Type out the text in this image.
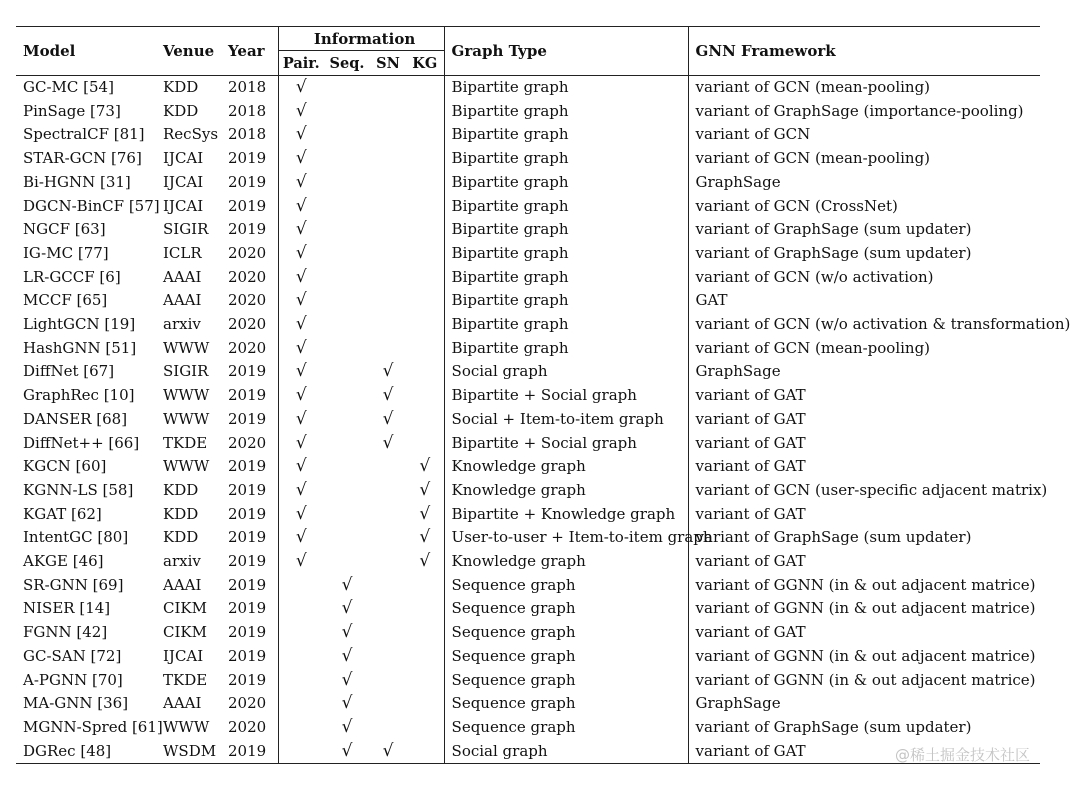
Model	Venue	Year	Information				Graph Type	GNN Framework
			Pair.	Seq.	SN	KG		
GC-MC [54]	KDD	2018	√				Bipartite graph	variant of GCN (mean-pooling)
PinSage [73]	KDD	2018	√				Bipartite graph	variant of GraphSage (importance-pooling)
SpectralCF [81]	RecSys	2018	√				Bipartite graph	variant of GCN
STAR-GCN [76]	IJCAI	2019	√				Bipartite graph	variant of GCN (mean-pooling)
Bi-HGNN [31]	IJCAI	2019	√				Bipartite graph	GraphSage
DGCN-BinCF [57]	IJCAI	2019	√				Bipartite graph	variant of GCN (CrossNet)
NGCF [63]	SIGIR	2019	√				Bipartite graph	variant of GraphSage (sum updater)
IG-MC [77]	ICLR	2020	√				Bipartite graph	variant of GraphSage (sum updater)
LR-GCCF [6]	AAAI	2020	√				Bipartite graph	variant of GCN (w/o activation)
MCCF [65]	AAAI	2020	√				Bipartite graph	GAT
LightGCN [19]	arxiv	2020	√				Bipartite graph	variant of GCN (w/o activation & transformation)
HashGNN [51]	WWW	2020	√				Bipartite graph	variant of GCN (mean-pooling)
DiffNet [67]	SIGIR	2019	√		√		Social graph	GraphSage
GraphRec [10]	WWW	2019	√		√		Bipartite + Social graph	variant of GAT
DANSER [68]	WWW	2019	√		√		Social + Item-to-item graph	variant of GAT
DiffNet++ [66]	TKDE	2020	√		√		Bipartite + Social graph	variant of GAT
KGCN [60]	WWW	2019	√			√	Knowledge graph	variant of GAT
KGNN-LS [58]	KDD	2019	√			√	Knowledge graph	variant of GCN (user-specific adjacent matrix)
KGAT [62]	KDD	2019	√			√	Bipartite + Knowledge graph	variant of GAT
IntentGC [80]	KDD	2019	√			√	User-to-user + Item-to-item graph	variant of GraphSage (sum updater)
AKGE [46]	arxiv	2019	√			√	Knowledge graph	variant of GAT
SR-GNN [69]	AAAI	2019		√			Sequence graph	variant of GGNN (in & out adjacent matrice)
NISER [14]	CIKM	2019		√			Sequence graph	variant of GGNN (in & out adjacent matrice)
FGNN [42]	CIKM	2019		√			Sequence graph	variant of GAT
GC-SAN [72]	IJCAI	2019		√			Sequence graph	variant of GGNN (in & out adjacent matrice)
A-PGNN [70]	TKDE	2019		√			Sequence graph	variant of GGNN (in & out adjacent matrice)
MA-GNN [36]	AAAI	2020		√			Sequence graph	GraphSage
MGNN-Spred [61]	WWW	2020		√			Sequence graph	variant of GraphSage (sum updater)
DGRec [48]	WSDM	2019		√	√		Social graph	variant of GAT	@稀土掘金技术社区
